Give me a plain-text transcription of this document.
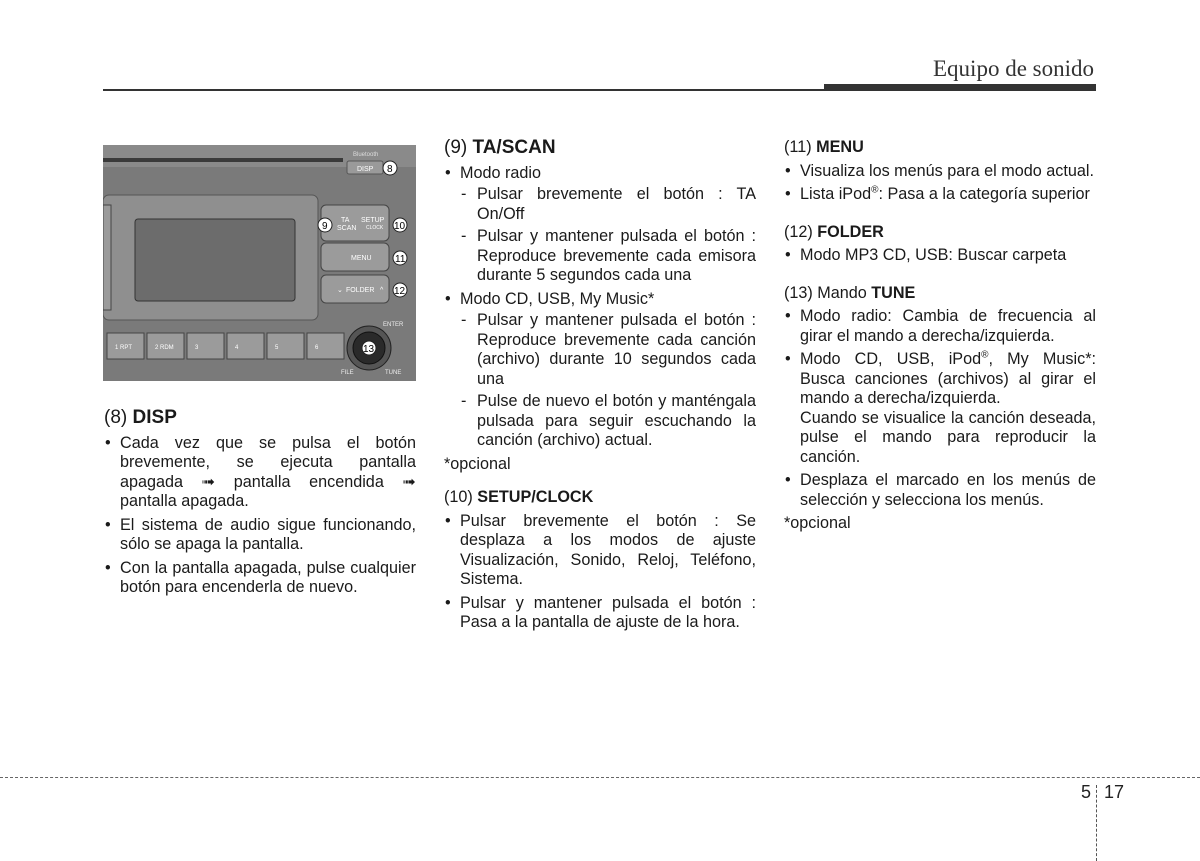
Equipo de sonido
Bluetooth
DISP 8
TA
SCAN
SETUP
CLOCK
9	10
MENU 11
⌄ FOLDER ^ 12
ENTER
1 RPT	2 RDM	3	4	5	6	13
FILE	TUNE
(8) DISP
• Cada vez que se pulsa el botón brevemente, se ejecuta pantalla apagada ➟ pantalla encendida ➟ pantalla apagada.
• El sistema de audio sigue funcionando, sólo se apaga la pantalla.
• Con la pantalla apagada, pulse cualquier botón para encenderla de nuevo.
(9) TA/SCAN
• Modo radio
- Pulsar brevemente el botón : TA On/Off
- Pulsar y mantener pulsada el botón : Reproduce brevemente cada emisora durante 5 segundos cada una
• Modo CD, USB, My Music*
- Pulsar y mantener pulsada el botón : Reproduce brevemente cada canción (archivo) durante 10 segundos cada una
- Pulse de nuevo el botón y manténgala pulsada para seguir escuchando la canción (archivo) actual.
*opcional
(10) SETUP/CLOCK
• Pulsar brevemente el botón : Se desplaza a los modos de ajuste Visualización, Sonido, Reloj, Teléfono, Sistema.
• Pulsar y mantener pulsada el botón : Pasa a la pantalla de ajuste de la hora.
(11) MENU
• Visualiza los menús para el modo actual.
• Lista iPod®: Pasa a la categoría superior
(12) FOLDER
• Modo MP3 CD, USB: Buscar carpeta
(13) Mando TUNE
• Modo radio: Cambia de frecuencia al girar el mando a derecha/izquierda.
• Modo CD, USB, iPod®, My Music*: Busca canciones (archivos) al girar el mando a derecha/izquierda.
Cuando se visualice la canción deseada, pulse el mando para reproducir la canción.
• Desplaza el marcado en los menús de selección y selecciona los menús.
*opcional
5 17
